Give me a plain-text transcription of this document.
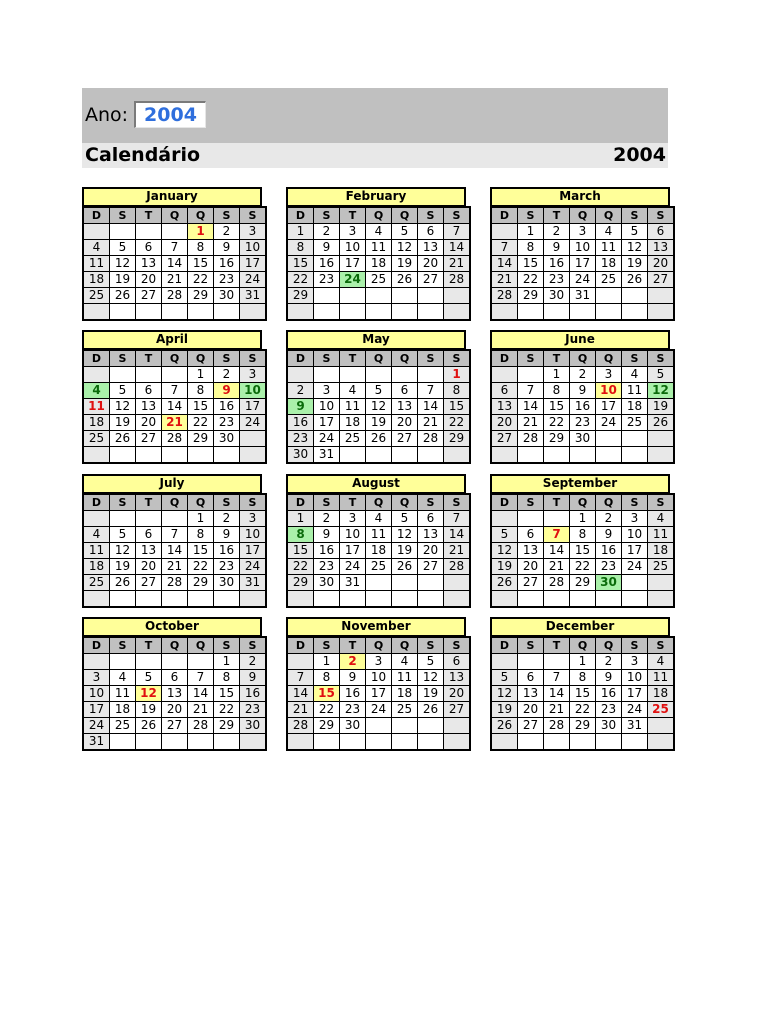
Ano: 2004
Calendário	2004
January
D	S	T	Q	Q	S	S
				1	2	3
4	5	6	7	8	9	10
11	12	13	14	15	16	17
18	19	20	21	22	23	24
25	26	27	28	29	30	31

February
D	S	T	Q	Q	S	S
1	2	3	4	5	6	7
8	9	10	11	12	13	14
15	16	17	18	19	20	21
22	23	24	25	26	27	28
29						

March
D	S	T	Q	Q	S	S
	1	2	3	4	5	6
7	8	9	10	11	12	13
14	15	16	17	18	19	20
21	22	23	24	25	26	27
28	29	30	31			

April
D	S	T	Q	Q	S	S
				1	2	3
4	5	6	7	8	9	10
11	12	13	14	15	16	17
18	19	20	21	22	23	24
25	26	27	28	29	30	

May
D	S	T	Q	Q	S	S
						1
2	3	4	5	6	7	8
9	10	11	12	13	14	15
16	17	18	19	20	21	22
23	24	25	26	27	28	29
30	31					
June
D	S	T	Q	Q	S	S
		1	2	3	4	5
6	7	8	9	10	11	12
13	14	15	16	17	18	19
20	21	22	23	24	25	26
27	28	29	30			

July
D	S	T	Q	Q	S	S
				1	2	3
4	5	6	7	8	9	10
11	12	13	14	15	16	17
18	19	20	21	22	23	24
25	26	27	28	29	30	31

August
D	S	T	Q	Q	S	S
1	2	3	4	5	6	7
8	9	10	11	12	13	14
15	16	17	18	19	20	21
22	23	24	25	26	27	28
29	30	31				

September
D	S	T	Q	Q	S	S
			1	2	3	4
5	6	7	8	9	10	11
12	13	14	15	16	17	18
19	20	21	22	23	24	25
26	27	28	29	30		

October
D	S	T	Q	Q	S	S
					1	2
3	4	5	6	7	8	9
10	11	12	13	14	15	16
17	18	19	20	21	22	23
24	25	26	27	28	29	30
31						
November
D	S	T	Q	Q	S	S
	1	2	3	4	5	6
7	8	9	10	11	12	13
14	15	16	17	18	19	20
21	22	23	24	25	26	27
28	29	30				

December
D	S	T	Q	Q	S	S
			1	2	3	4
5	6	7	8	9	10	11
12	13	14	15	16	17	18
19	20	21	22	23	24	25
26	27	28	29	30	31	
